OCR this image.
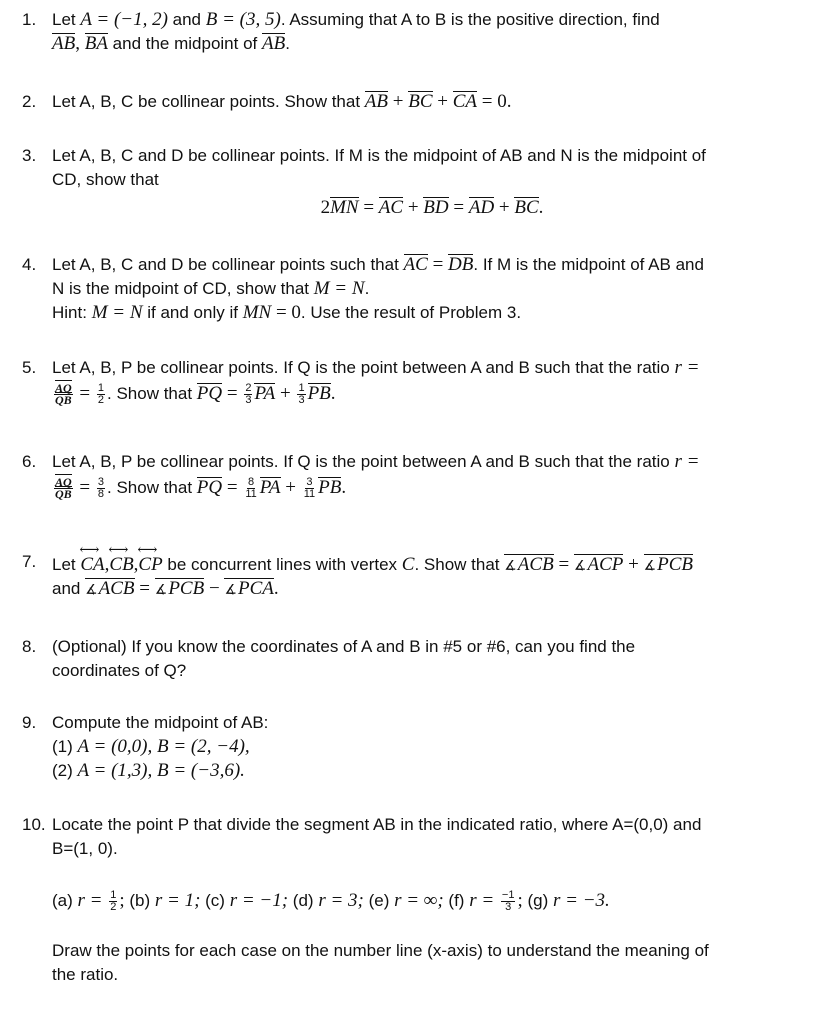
1. Let A = (−1, 2) and B = (3, 5). Assuming that A to B is the positive direction, find
AB, BA and the midpoint of AB.
2. Let A, B, C be collinear points. Show that AB + BC + CA = 0.
3. Let A, B, C and D be collinear points. If M is the midpoint of AB and N is the midpoint of
CD, show that
2MN = AC + BD = AD + BC.
4. Let A, B, C and D be collinear points such that AC = DB. If M is the midpoint of AB and
N is the midpoint of CD, show that M = N.
Hint: M = N if and only if MN = 0. Use the result of Problem 3.
5. Let A, B, P be collinear points. If Q is the point between A and B such that the ratio r =
$\frac{AQ}{QB} = \frac{1}{2}$ . Show that PQ = $\frac{2}{3}$ PA + $\frac{1}{3}$ PB.
6. Let A, B, P be collinear points. If Q is the point between A and B such that the ratio r =
$\frac{AQ}{QB} = \frac{3}{8}$ . Show that PQ = $\frac{8}{11}$ PA + $\frac{3}{11}$ PB.
7. Let ⟷ CA,⟷ CB,⟷ CP be concurrent lines with vertex C. Show that ∡ ACB = ∡ ACP + ∡ PCB
and ∡ ACB = ∡ PCB − ∡ PCA.
8. (Optional) If you know the coordinates of A and B in #5 or #6, can you find the
coordinates of Q?
9. Compute the midpoint of AB:
(1) A = (0,0), B = (2, −4),
(2) A = (1,3), B = (−3,6).
10. Locate the point P that divide the segment AB in the indicated ratio, where A=(0,0) and
B=(1, 0).
(a) $r = \frac{1}{2}$ ; (b) r = 1; (c) r = −1; (d) r = 3; (e) r = ∞; (f) $r = \frac{-1}{3}$ ; (g) r = −3.
Draw the points for each case on the number line (x-axis) to understand the meaning of
the ratio.
